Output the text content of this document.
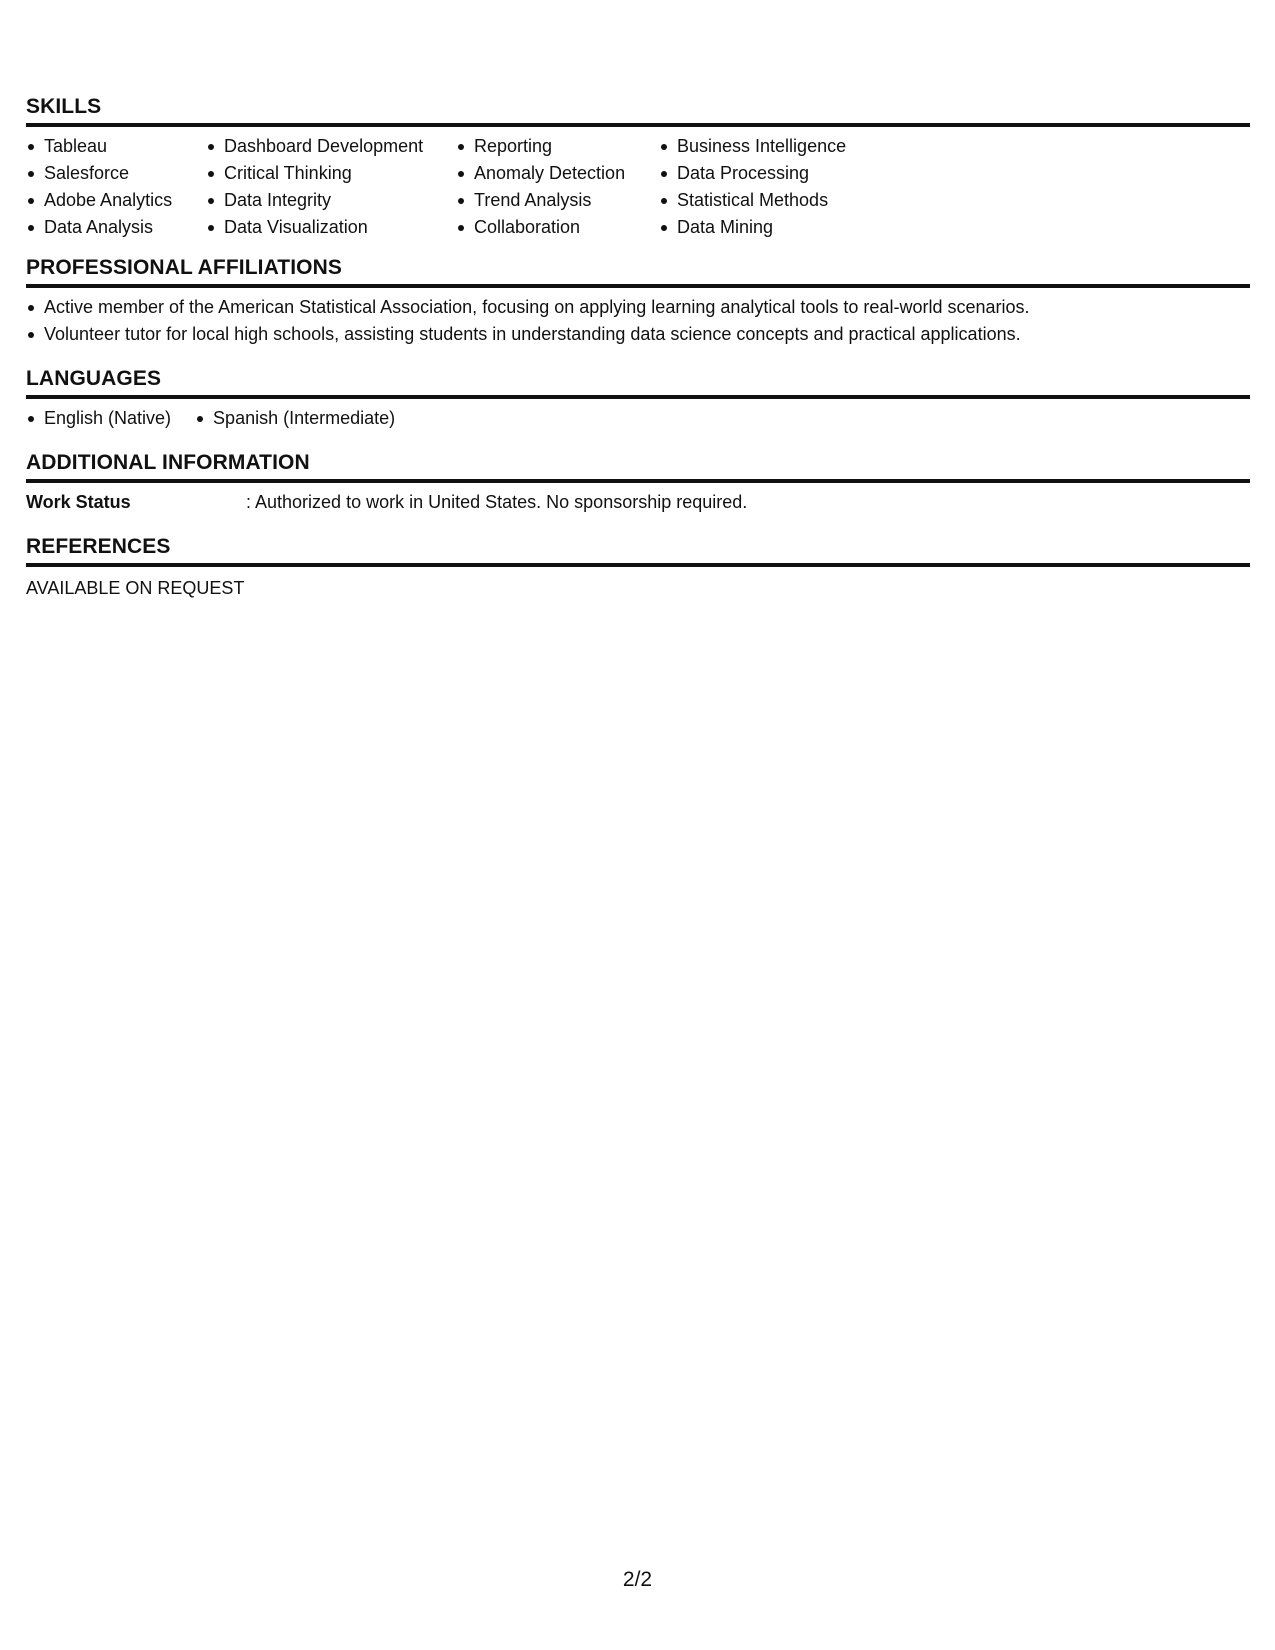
SKILLS
Tableau
Salesforce
Adobe Analytics
Data Analysis
Dashboard Development
Critical Thinking
Data Integrity
Data Visualization
Reporting
Anomaly Detection
Trend Analysis
Collaboration
Business Intelligence
Data Processing
Statistical Methods
Data Mining
PROFESSIONAL AFFILIATIONS
Active member of the American Statistical Association, focusing on applying learning analytical tools to real-world scenarios.
Volunteer tutor for local high schools, assisting students in understanding data science concepts and practical applications.
LANGUAGES
English (Native)	Spanish (Intermediate)
ADDITIONAL INFORMATION
Work Status	: Authorized to work in United States. No sponsorship required.
REFERENCES
AVAILABLE ON REQUEST
2/2
